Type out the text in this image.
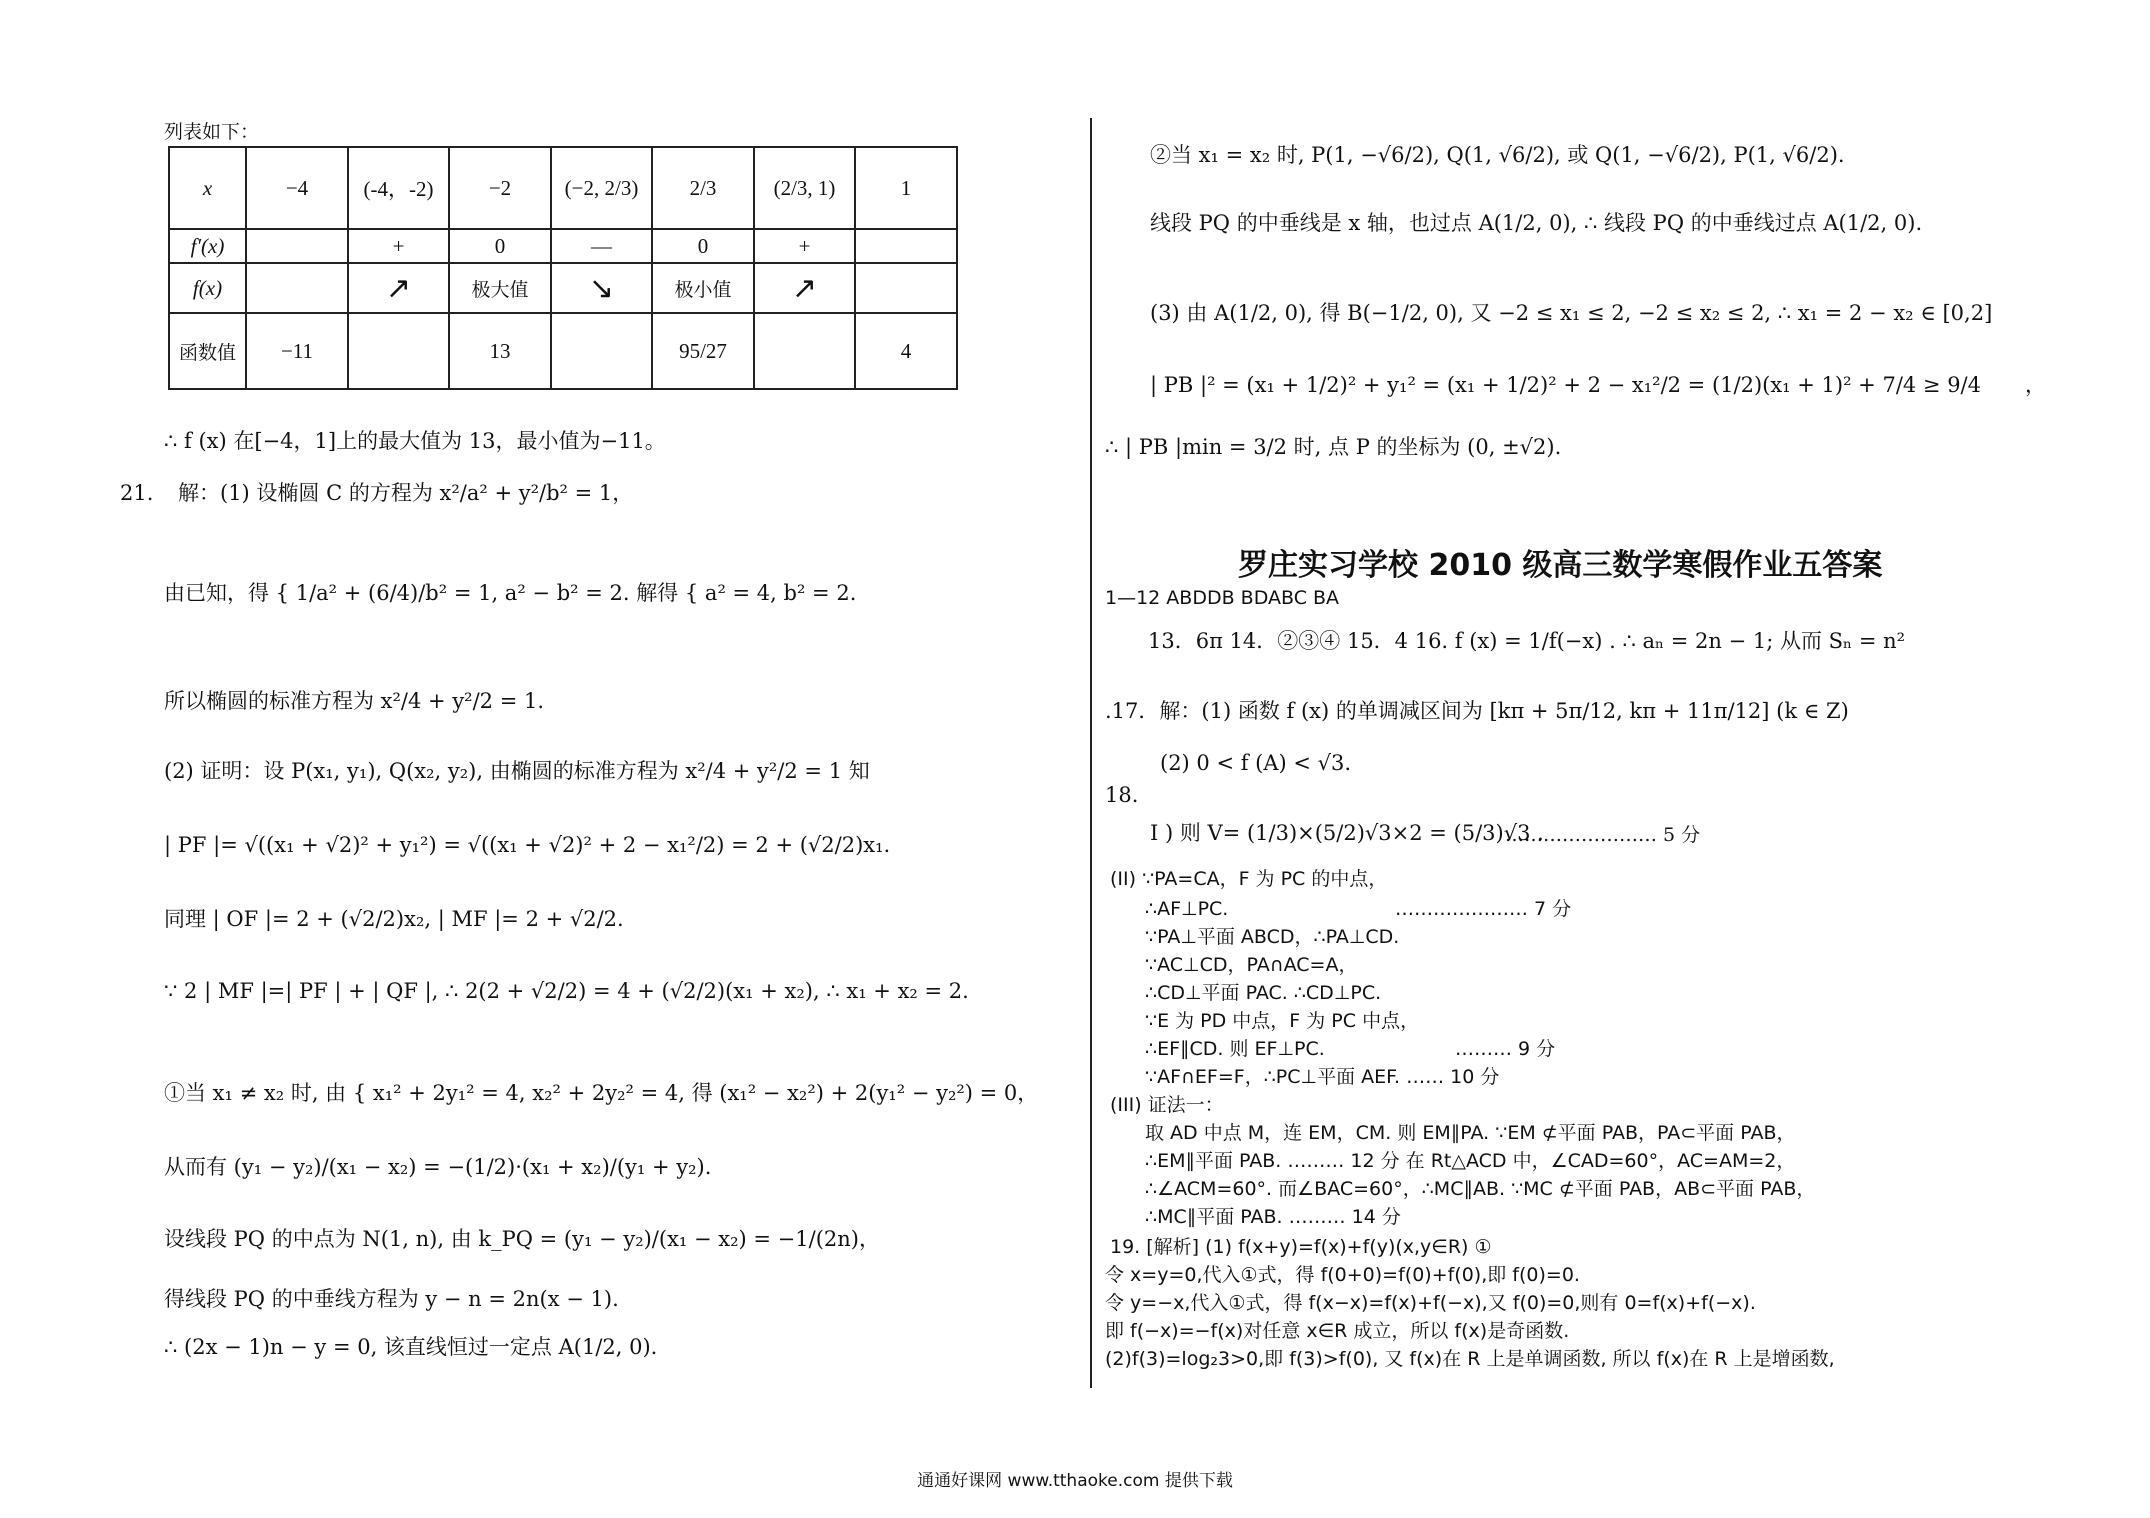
列表如下：
x	−4	(-4，-2)	−2	(−2, 2/3)	2/3	(2/3, 1)	1
f′(x)		+	0	—	0	+	
f(x)		↗	极大值	↘	极小值	↗	
函数值	−11		13		95/27		4
∴ f (x) 在[−4，1]上的最大值为 13，最小值为−11。
21. 解：(1) 设椭圆 C 的方程为 x²/a² + y²/b² = 1，
由已知，得 { 1/a² + (6/4)/b² = 1, a² − b² = 2. 解得 { a² = 4, b² = 2.
所以椭圆的标准方程为 x²/4 + y²/2 = 1.
(2) 证明：设 P(x₁, y₁), Q(x₂, y₂), 由椭圆的标准方程为 x²/4 + y²/2 = 1 知
| PF |= √((x₁ + √2)² + y₁²) = √((x₁ + √2)² + 2 − x₁²/2) = 2 + (√2/2)x₁.
同理 | OF |= 2 + (√2/2)x₂, | MF |= 2 + √2/2.
∵ 2 | MF |=| PF | + | QF |, ∴ 2(2 + √2/2) = 4 + (√2/2)(x₁ + x₂), ∴ x₁ + x₂ = 2.
①当 x₁ ≠ x₂ 时, 由 { x₁² + 2y₁² = 4, x₂² + 2y₂² = 4, 得 (x₁² − x₂²) + 2(y₁² − y₂²) = 0，
从而有 (y₁ − y₂)/(x₁ − x₂) = −(1/2)·(x₁ + x₂)/(y₁ + y₂).
设线段 PQ 的中点为 N(1, n), 由 k_PQ = (y₁ − y₂)/(x₁ − x₂) = −1/(2n)，
得线段 PQ 的中垂线方程为 y − n = 2n(x − 1).
∴ (2x − 1)n − y = 0, 该直线恒过一定点 A(1/2, 0).
②当 x₁ = x₂ 时, P(1, −√6/2), Q(1, √6/2), 或 Q(1, −√6/2), P(1, √6/2).
线段 PQ 的中垂线是 x 轴，也过点 A(1/2, 0), ∴ 线段 PQ 的中垂线过点 A(1/2, 0).
(3) 由 A(1/2, 0), 得 B(−1/2, 0), 又 −2 ≤ x₁ ≤ 2, −2 ≤ x₂ ≤ 2, ∴ x₁ = 2 − x₂ ∈ [0,2]
| PB |² = (x₁ + 1/2)² + y₁² = (x₁ + 1/2)² + 2 − x₁²/2 = (1/2)(x₁ + 1)² + 7/4 ≥ 9/4 ，
∴ | PB |min = 3/2 时, 点 P 的坐标为 (0, ±√2).
罗庄实习学校 2010 级高三数学寒假作业五答案
1—12 ABDDB BDABC BA
13．6π 14．②③④ 15．4 16. f (x) = 1/f(−x) . ∴ aₙ = 2n − 1; 从而 Sₙ = n²
.17．解：(1) 函数 f (x) 的单调减区间为 [kπ + 5π/12, kπ + 11π/12] (k ∈ Z)
(2) 0 < f (A) < √3.
18.
I ) 则 V= (1/3)×(5/2)√3×2 = (5/3)√3 .
…………………… 5 分
(II) ∵PA=CA，F 为 PC 的中点，
∴AF⊥PC.	………………… 7 分
∵PA⊥平面 ABCD，∴PA⊥CD.
∵AC⊥CD，PA∩AC=A，
∴CD⊥平面 PAC. ∴CD⊥PC.
∵E 为 PD 中点，F 为 PC 中点，
∴EF∥CD. 则 EF⊥PC.	……… 9 分
∵AF∩EF=F，∴PC⊥平面 AEF. …… 10 分
(III) 证法一：
取 AD 中点 M，连 EM，CM. 则 EM∥PA. ∵EM ⊄平面 PAB，PA⊂平面 PAB，
∴EM∥平面 PAB. ……… 12 分 在 Rt△ACD 中，∠CAD=60°，AC=AM=2，
∴∠ACM=60°. 而∠BAC=60°，∴MC∥AB. ∵MC ⊄平面 PAB，AB⊂平面 PAB，
∴MC∥平面 PAB. ……… 14 分
19. [解析] (1) f(x+y)=f(x)+f(y)(x,y∈R) ①
令 x=y=0,代入①式，得 f(0+0)=f(0)+f(0),即 f(0)=0.
令 y=−x,代入①式，得 f(x−x)=f(x)+f(−x),又 f(0)=0,则有 0=f(x)+f(−x).
即 f(−x)=−f(x)对任意 x∈R 成立，所以 f(x)是奇函数.
(2)f(3)=log₂3>0,即 f(3)>f(0), 又 f(x)在 R 上是单调函数, 所以 f(x)在 R 上是增函数,
通通好课网 www.tthaoke.com 提供下载
